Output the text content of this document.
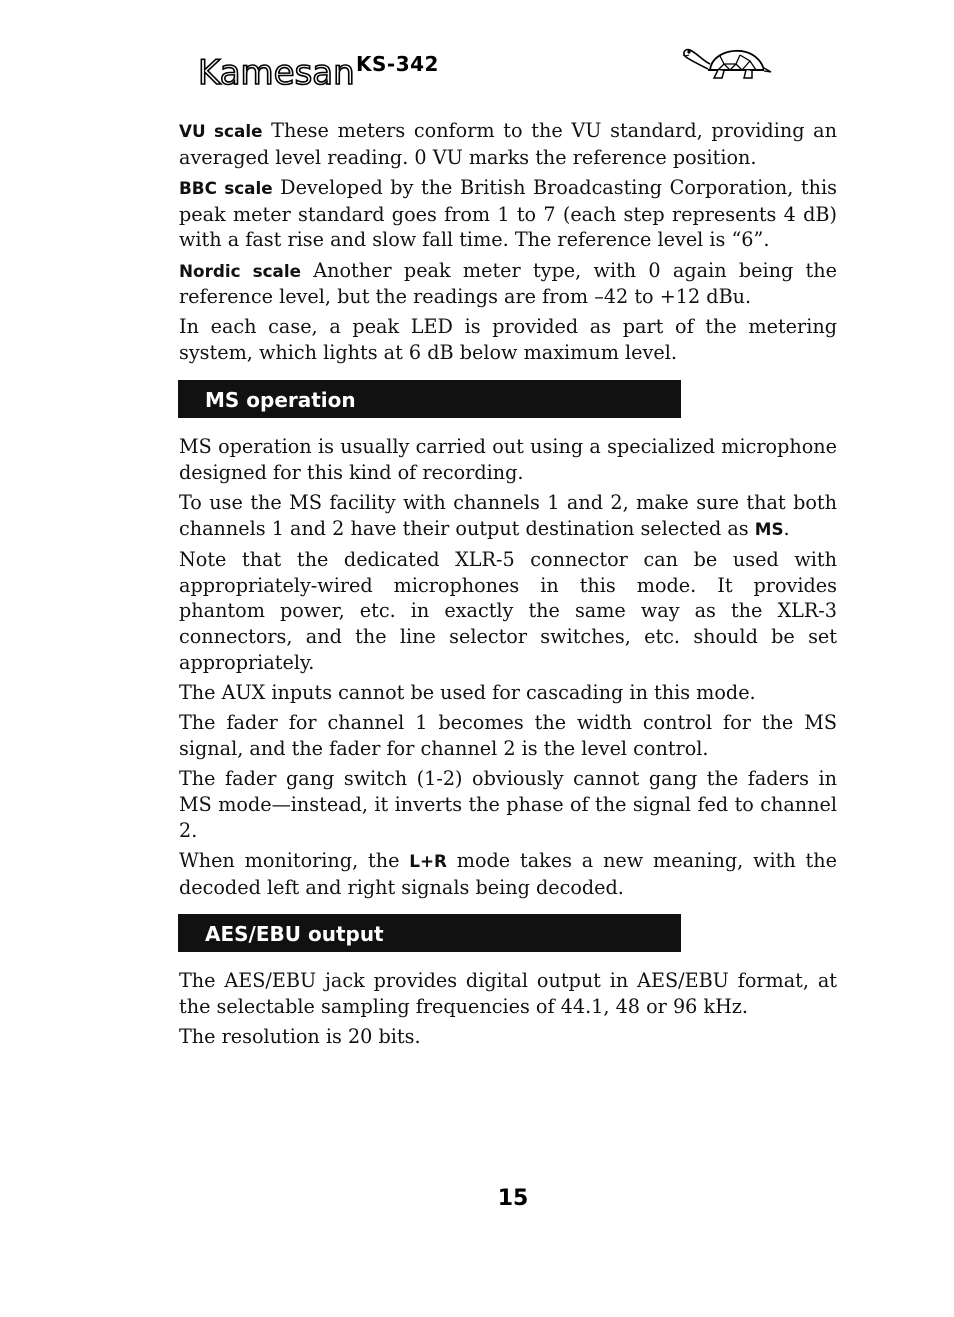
Kamesan KS-342

VU scale These meters conform to the VU standard, providing an averaged level reading. 0 VU marks the reference position.

BBC scale Developed by the British Broadcasting Corporation, this peak meter standard goes from 1 to 7 (each step represents 4 dB) with a fast rise and slow fall time. The reference level is “6”.

Nordic scale Another peak meter type, with 0 again being the reference level, but the readings are from –42 to +12 dBu.

In each case, a peak LED is provided as part of the metering system, which lights at 6 dB below maximum level.

MS operation

MS operation is usually carried out using a specialized microphone designed for this kind of recording.

To use the MS facility with channels 1 and 2, make sure that both channels 1 and 2 have their output destination selected as MS.

Note that the dedicated XLR-5 connector can be used with appropriately-wired microphones in this mode. It provides phantom power, etc. in exactly the same way as the XLR-3 connectors, and the line selector switches, etc. should be set appropriately.

The AUX inputs cannot be used for cascading in this mode.

The fader for channel 1 becomes the width control for the MS signal, and the fader for channel 2 is the level control.

The fader gang switch (1-2) obviously cannot gang the faders in MS mode—instead, it inverts the phase of the signal fed to channel 2.

When monitoring, the L+R mode takes a new meaning, with the decoded left and right signals being decoded.

AES/EBU output

The AES/EBU jack provides digital output in AES/EBU format, at the selectable sampling frequencies of 44.1, 48 or 96 kHz.

The resolution is 20 bits.

15
